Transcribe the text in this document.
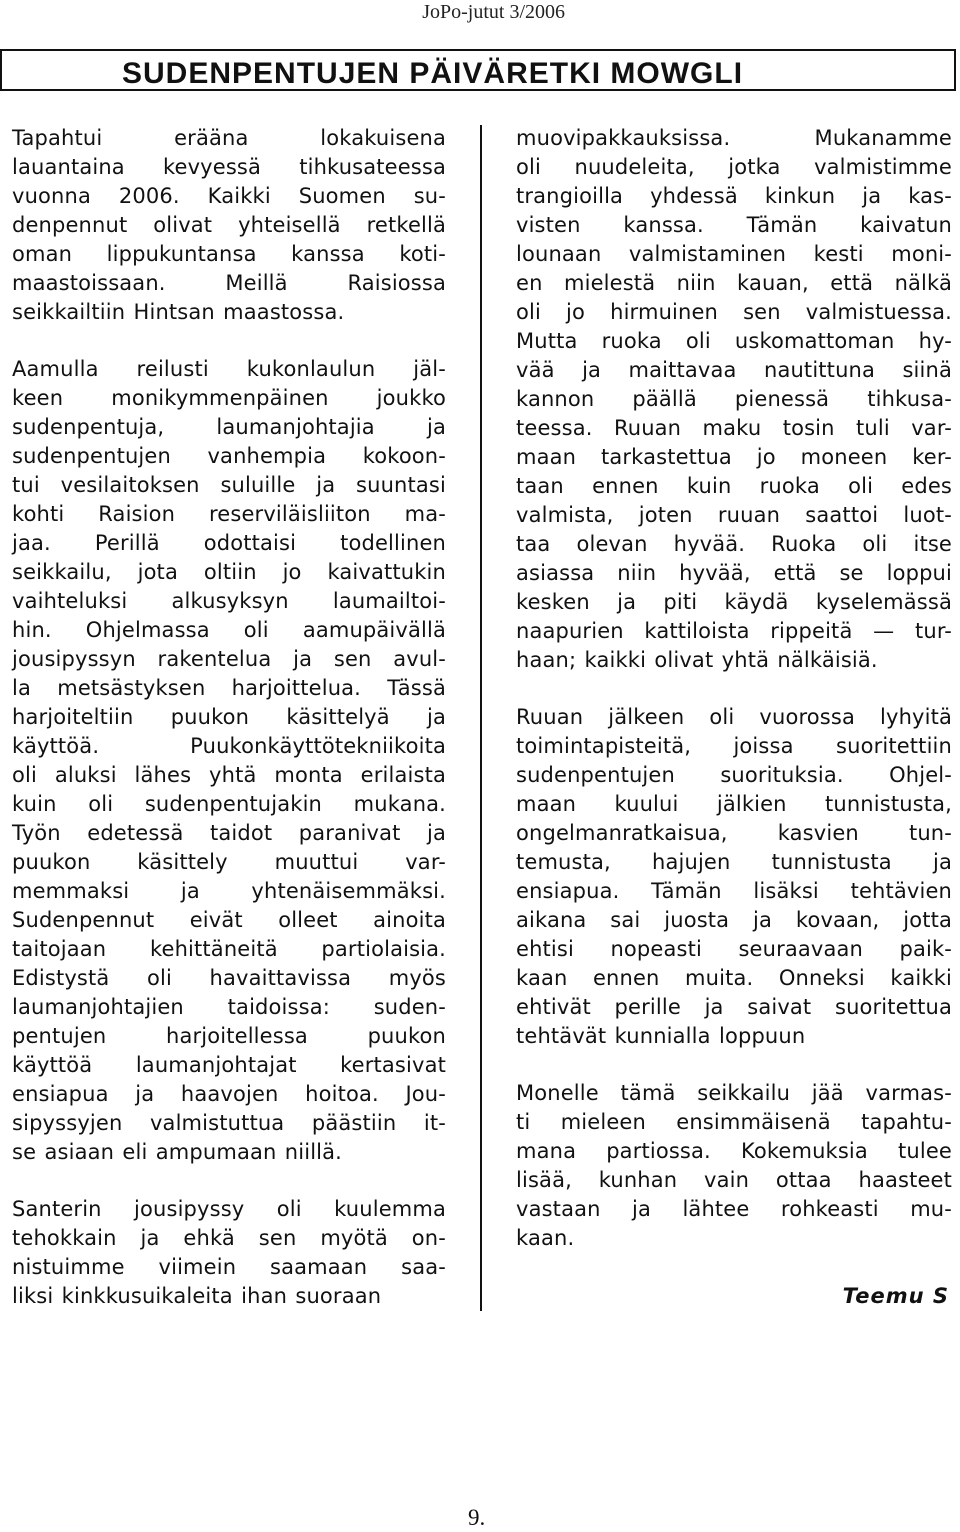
JoPo-jutut 3/2006
SUDENPENTUJEN PÄIVÄRETKI MOWGLI

Tapahtui erääna lokakuisena
lauantaina kevyessä tihkusateessa
vuonna 2006. Kaikki Suomen su-
denpennut olivat yhteisellä retkellä
oman lippukuntansa kanssa koti-
maastoissaan. Meillä Raisiossa
seikkailtiin Hintsan maastossa.

Aamulla reilusti kukonlaulun jäl-
keen monikymmenpäinen joukko
sudenpentuja, laumanjohtajia ja
sudenpentujen vanhempia kokoon-
tui vesilaitoksen suluille ja suuntasi
kohti Raision reserviläisliiton ma-
jaa. Perillä odottaisi todellinen
seikkailu, jota oltiin jo kaivattukin
vaihteluksi alkusyksyn laumailtoi-
hin. Ohjelmassa oli aamupäivällä
jousipyssyn rakentelua ja sen avul-
la metsästyksen harjoittelua. Tässä
harjoiteltiin puukon käsittelyä ja
käyttöä. Puukonkäyttötekniikoita
oli aluksi lähes yhtä monta erilaista
kuin oli sudenpentujakin mukana.
Työn edetessä taidot paranivat ja
puukon käsittely muuttui var-
memmaksi ja yhtenäisemmäksi.
Sudenpennut eivät olleet ainoita
taitojaan kehittäneitä partiolaisia.
Edistystä oli havaittavissa myös
laumanjohtajien taidoissa: suden-
pentujen harjoitellessa puukon
käyttöä laumanjohtajat kertasivat
ensiapua ja haavojen hoitoa. Jou-
sipyssyjen valmistuttua päästiin it-
se asiaan eli ampumaan niillä.

Santerin jousipyssy oli kuulemma
tehokkain ja ehkä sen myötä on-
nistuimme viimein saamaan saa-
liksi kinkkusuikaleita ihan suoraan

muovipakkauksissa. Mukanamme
oli nuudeleita, jotka valmistimme
trangioilla yhdessä kinkun ja kas-
visten kanssa. Tämän kaivatun
lounaan valmistaminen kesti moni-
en mielestä niin kauan, että nälkä
oli jo hirmuinen sen valmistuessa.
Mutta ruoka oli uskomattoman hy-
vää ja maittavaa nautittuna siinä
kannon päällä pienessä tihkusa-
teessa. Ruuan maku tosin tuli var-
maan tarkastettua jo moneen ker-
taan ennen kuin ruoka oli edes
valmista, joten ruuan saattoi luot-
taa olevan hyvää. Ruoka oli itse
asiassa niin hyvää, että se loppui
kesken ja piti käydä kyselemässä
naapurien kattiloista rippeitä — tur-
haan; kaikki olivat yhtä nälkäisiä.

Ruuan jälkeen oli vuorossa lyhyitä
toimintapisteitä, joissa suoritettiin
sudenpentujen suorituksia. Ohjel-
maan kuului jälkien tunnistusta,
ongelmanratkaisua, kasvien tun-
temusta, hajujen tunnistusta ja
ensiapua. Tämän lisäksi tehtävien
aikana sai juosta ja kovaan, jotta
ehtisi nopeasti seuraavaan paik-
kaan ennen muita. Onneksi kaikki
ehtivät perille ja saivat suoritettua
tehtävät kunnialla loppuun

Monelle tämä seikkailu jää varmas-
ti mieleen ensimmäisenä tapahtu-
mana partiossa. Kokemuksia tulee
lisää, kunhan vain ottaa haasteet
vastaan ja lähtee rohkeasti mu-
kaan.

Teemu S
9.
